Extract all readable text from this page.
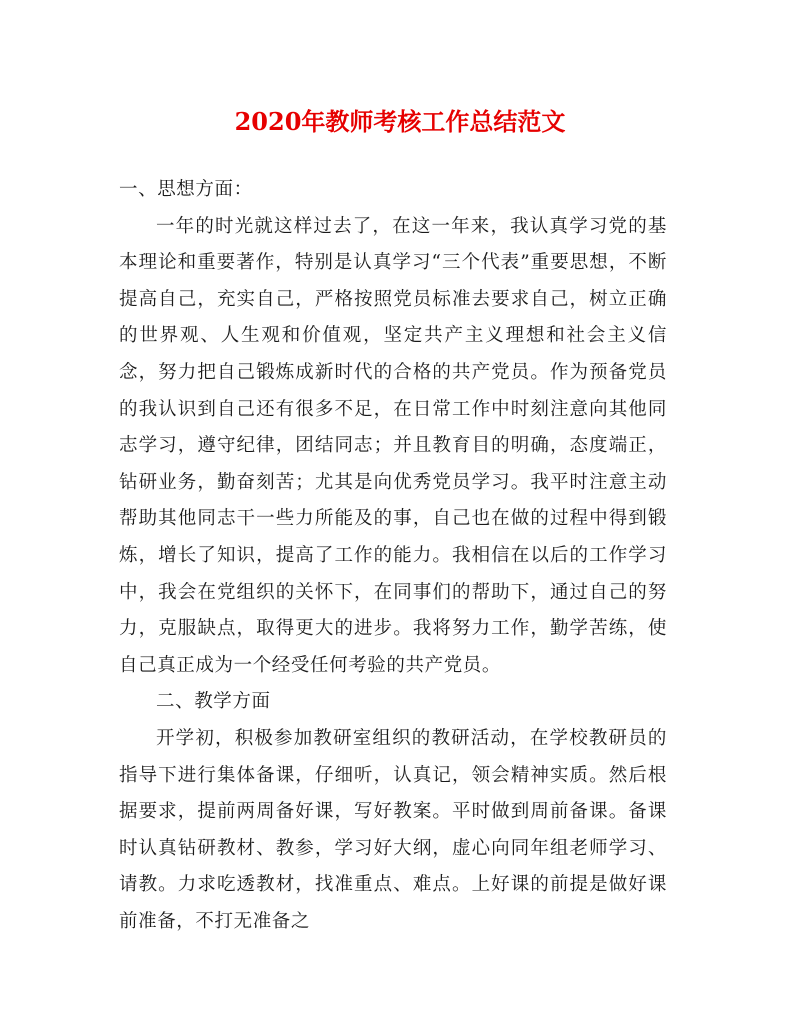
2020年教师考核工作总结范文

一、思想方面：

一年的时光就这样过去了，在这一年来，我认真学习党的基本理论和重要著作，特别是认真学习“三个代表”重要思想，不断提高自己，充实自己，严格按照党员标准去要求自己，树立正确的世界观、人生观和价值观，坚定共产主义理想和社会主义信念，努力把自己锻炼成新时代的合格的共产党员。作为预备党员的我认识到自己还有很多不足，在日常工作中时刻注意向其他同志学习，遵守纪律，团结同志；并且教育目的明确，态度端正，钻研业务，勤奋刻苦；尤其是向优秀党员学习。我平时注意主动帮助其他同志干一些力所能及的事，自己也在做的过程中得到锻炼，增长了知识，提高了工作的能力。我相信在以后的工作学习中，我会在党组织的关怀下，在同事们的帮助下，通过自己的努力，克服缺点，取得更大的进步。我将努力工作，勤学苦练，使自己真正成为一个经受任何考验的共产党员。

二、教学方面

开学初，积极参加教研室组织的教研活动，在学校教研员的指导下进行集体备课，仔细听，认真记，领会精神实质。然后根据要求，提前两周备好课，写好教案。平时做到周前备课。备课时认真钻研教材、教参，学习好大纲，虚心向同年组老师学习、请教。力求吃透教材，找准重点、难点。上好课的前提是做好课前准备，不打无准备之
